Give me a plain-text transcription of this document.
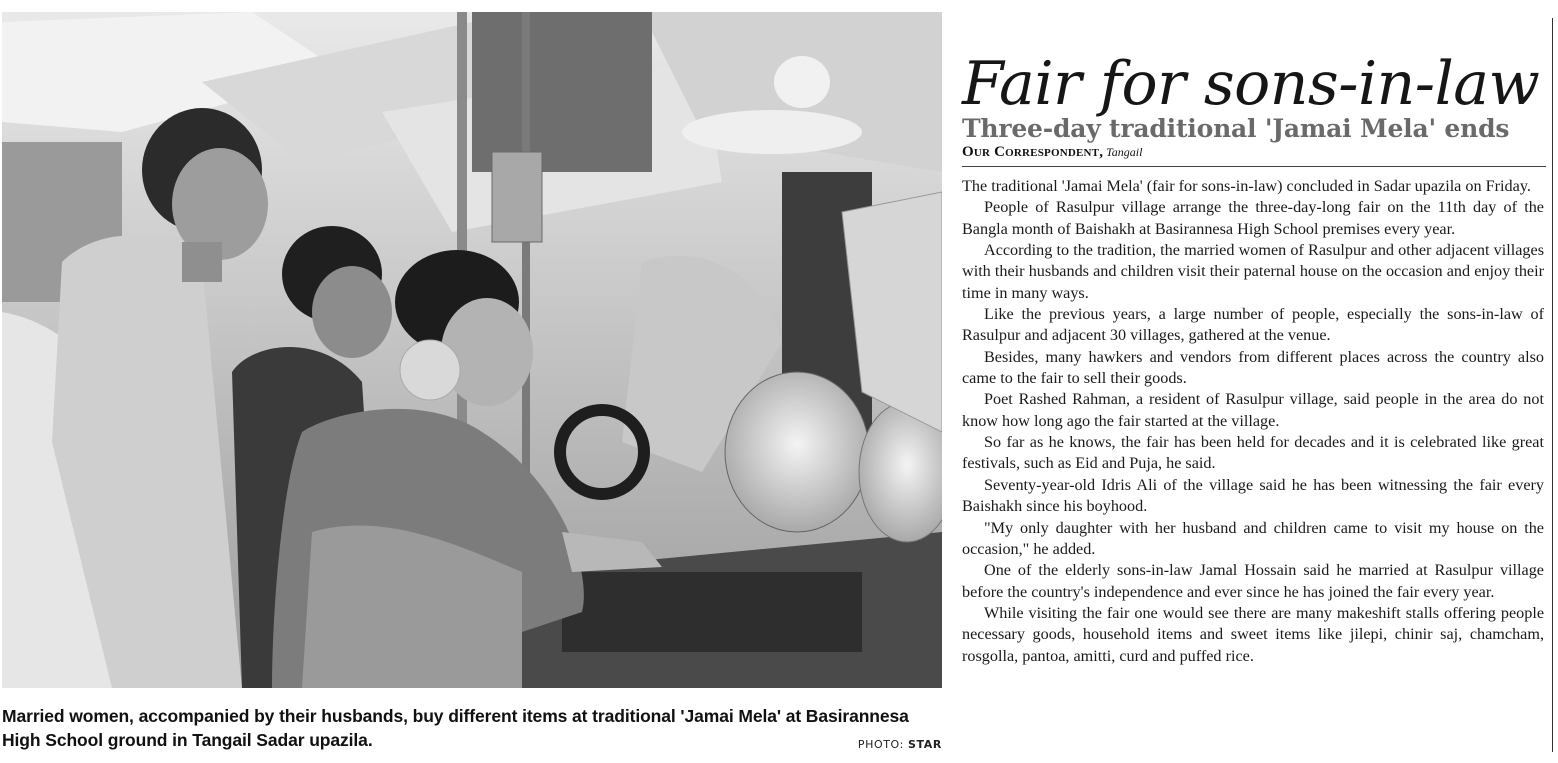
Married women, accompanied by their husbands, buy different items at traditional 'Jamai Mela' at Basirannesa High School ground in Tangail Sadar upazila.	PHOTO: STAR
Fair for sons-in-law
Three-day traditional 'Jamai Mela' ends
Our Correspondent, Tangail

The traditional 'Jamai Mela' (fair for sons-in-law) concluded in Sadar upazila on Friday.

People of Rasulpur village arrange the three-day-long fair on the 11th day of the Bangla month of Baishakh at Basirannesa High School premises every year.

According to the tradition, the married women of Rasulpur and other adjacent villages with their husbands and children visit their paternal house on the occasion and enjoy their time in many ways.

Like the previous years, a large number of people, especially the sons-in-law of Rasulpur and adjacent 30 villages, gathered at the venue.

Besides, many hawkers and vendors from different places across the country also came to the fair to sell their goods.

Poet Rashed Rahman, a resident of Rasulpur village, said people in the area do not know how long ago the fair started at the village.

So far as he knows, the fair has been held for decades and it is celebrated like great festivals, such as Eid and Puja, he said.

Seventy-year-old Idris Ali of the village said he has been witnessing the fair every Baishakh since his boyhood.

"My only daughter with her husband and children came to visit my house on the occasion," he added.

One of the elderly sons-in-law Jamal Hossain said he married at Rasulpur village before the country's independence and ever since he has joined the fair every year.

While visiting the fair one would see there are many makeshift stalls offering people necessary goods, household items and sweet items like jilepi, chinir saj, chamcham, rosgolla, pantoa, amitti, curd and puffed rice.
